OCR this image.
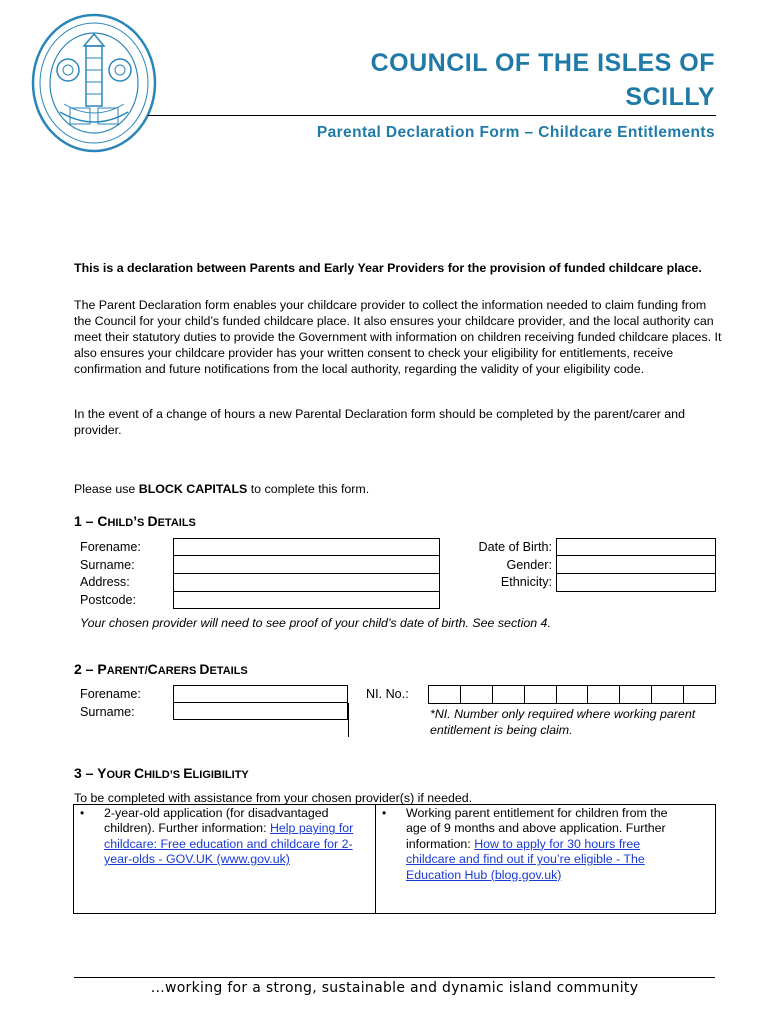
COUNCIL OF THE ISLES OF
SCILLY
Parental Declaration Form – Childcare Entitlements
This is a declaration between Parents and Early Year Providers for the provision of funded childcare place.
The Parent Declaration form enables your childcare provider to collect the information needed to claim funding from the Council for your child’s funded childcare place. It also ensures your childcare provider, and the local authority can meet their statutory duties to provide the Government with information on children receiving funded childcare places. It also ensures your childcare provider has your written consent to check your eligibility for entitlements, receive confirmation and future notifications from the local authority, regarding the validity of your eligibility code.
In the event of a change of hours a new Parental Declaration form should be completed by the parent/carer and provider.
Please use BLOCK CAPITALS to complete this form.
1 – CHILD’S DETAILS
Forename:
Surname:
Address:
Postcode:
Date of Birth:
Gender:
Ethnicity:
Your chosen provider will need to see proof of your child’s date of birth. See section 4.
2 – PARENT/CARERS DETAILS
Forename:
Surname:
NI. No.:
*NI. Number only required where working parent entitlement is being claim.
3 – YOUR CHILD’S ELIGIBILITY
To be completed with assistance from your chosen provider(s) if needed.
• 2-year-old application (for disadvantaged children). Further information: Help paying for childcare: Free education and childcare for 2-year-olds - GOV.UK (www.gov.uk)
• Working parent entitlement for children from the age of 9 months and above application. Further information: How to apply for 30 hours free childcare and find out if you’re eligible - The Education Hub (blog.gov.uk)
...working for a strong, sustainable and dynamic island community
